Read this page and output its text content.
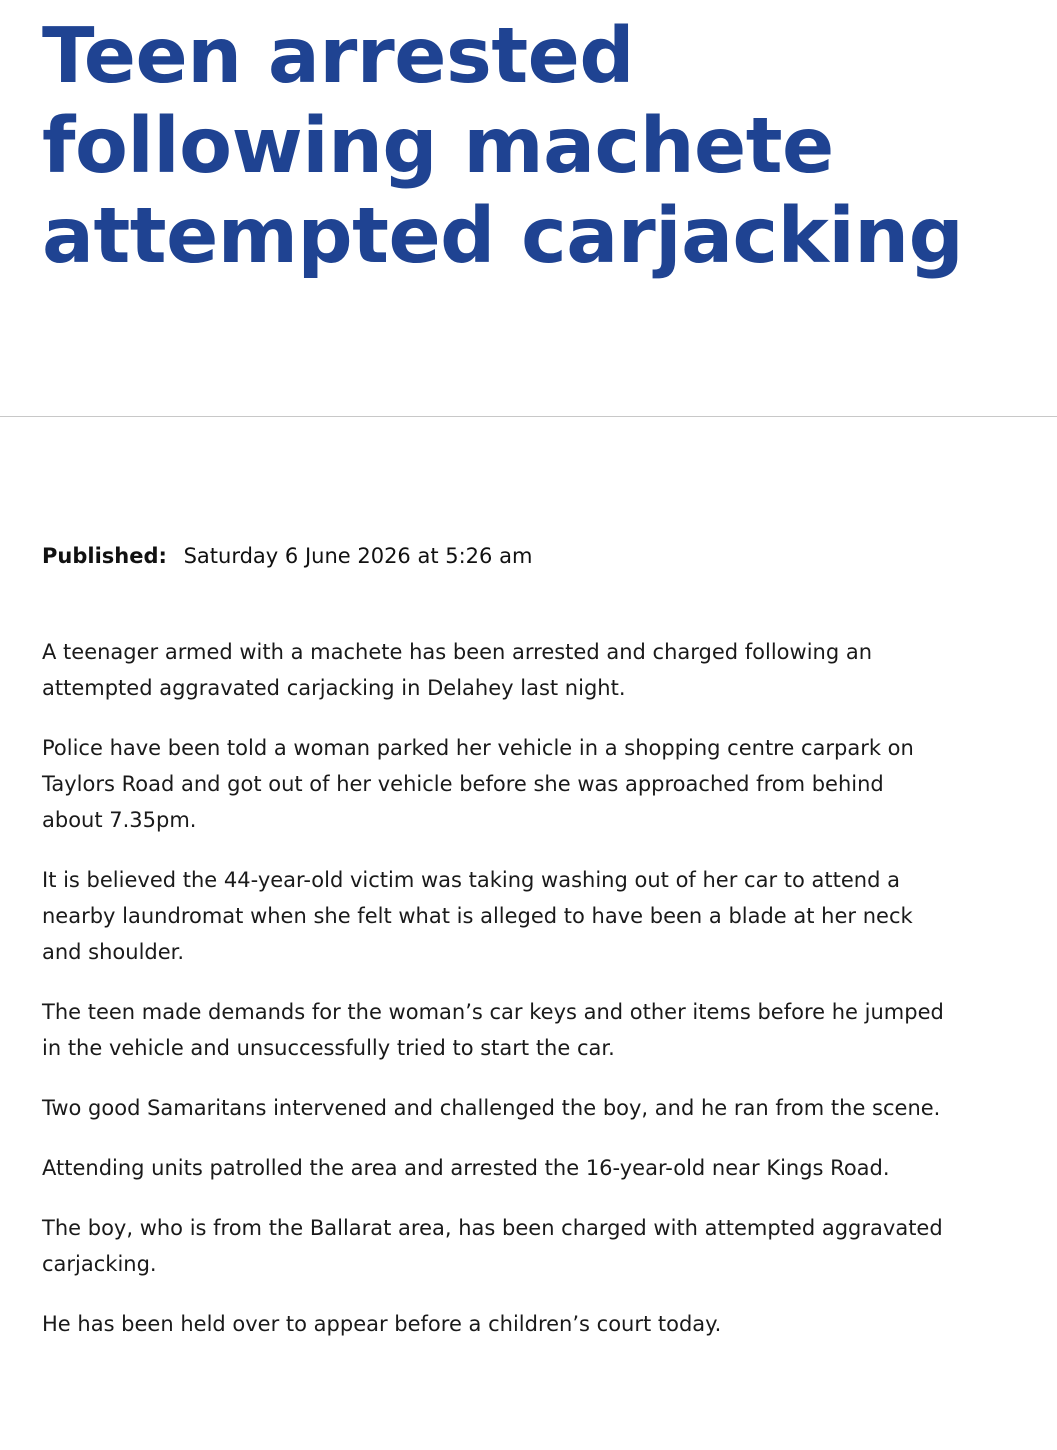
Teen arrested following machete attempted carjacking
Published: Saturday 6 June 2026 at 5:26 am

A teenager armed with a machete has been arrested and charged following an attempted aggravated carjacking in Delahey last night.

Police have been told a woman parked her vehicle in a shopping centre carpark on Taylors Road and got out of her vehicle before she was approached from behind about 7.35pm.

It is believed the 44-year-old victim was taking washing out of her car to attend a nearby laundromat when she felt what is alleged to have been a blade at her neck and shoulder.

The teen made demands for the woman’s car keys and other items before he jumped in the vehicle and unsuccessfully tried to start the car.

Two good Samaritans intervened and challenged the boy, and he ran from the scene.

Attending units patrolled the area and arrested the 16-year-old near Kings Road.

The boy, who is from the Ballarat area, has been charged with attempted aggravated carjacking.

He has been held over to appear before a children’s court today.
